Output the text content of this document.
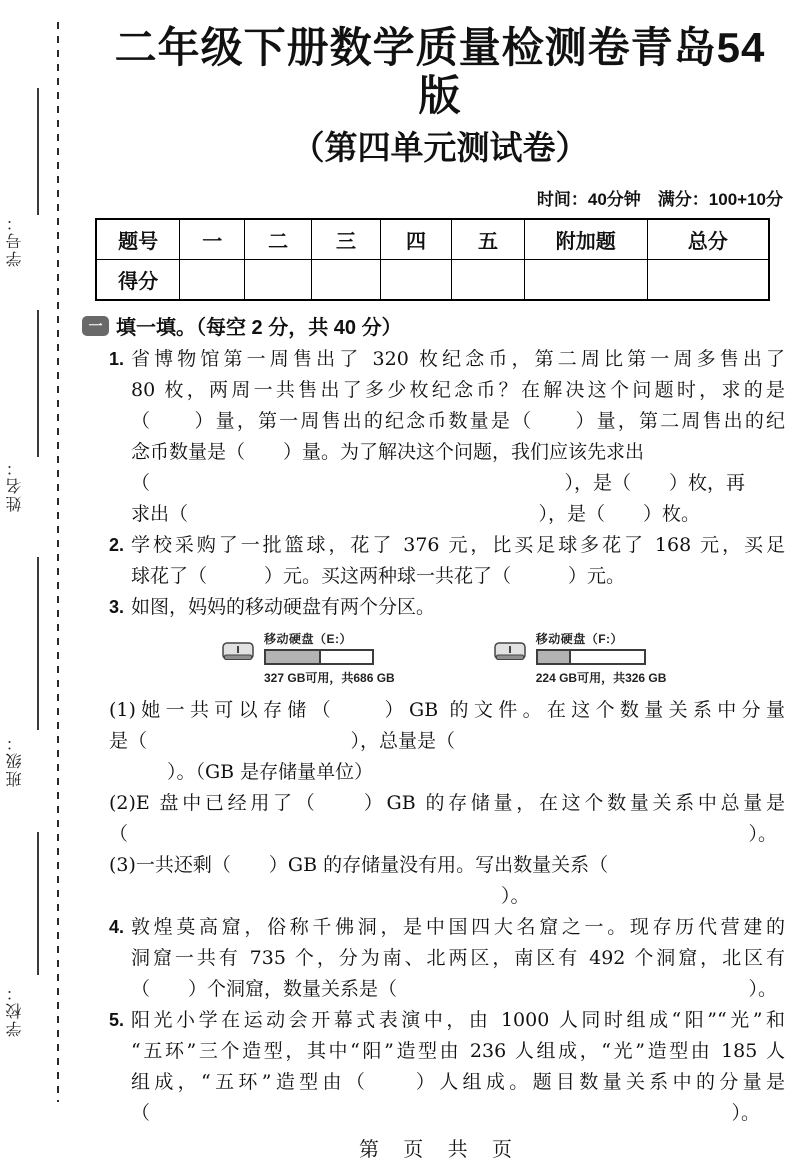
学号：
姓名：
班级：
学校：
二年级下册数学质量检测卷青岛54版
（第四单元测试卷）
时间：40分钟　满分：100+10分
题号	一	二	三	四	五	附加题	总分
得分							
一 填一填。（每空 2 分，共 40 分）
1. 省博物馆第一周售出了 320 枚纪念币，第二周比第一周多售出了
80 枚，两周一共售出了多少枚纪念币？在解决这个问题时，求的是
（　　）量，第一周售出的纪念币数量是（　　）量，第二周售出的纪
念币数量是（　　）量。为了解决这个问题，我们应该先求出
（	），是（　　）枚，再
求出（	），是（　　）枚。
2. 学校采购了一批篮球，花了 376 元，比买足球多花了 168 元，买足
球花了（　　　）元。买这两种球一共花了（　　　）元。
3. 如图，妈妈的移动硬盘有两个分区。
移动硬盘（E:）
327 GB可用，共686 GB
移动硬盘（F:）
224 GB可用，共326 GB
(1)她一共可以存储（　　）GB 的文件。在这个数量关系中分量
是（	），总量是（
　　）。（GB 是存储量单位）
(2)E 盘中已经用了（　　）GB 的存储量，在这个数量关系中总量是
（	）。
(3)一共还剩（　　）GB 的存储量没有用。写出数量关系（
）。
4. 敦煌莫高窟，俗称千佛洞，是中国四大名窟之一。现存历代营建的
洞窟一共有 735 个，分为南、北两区，南区有 492 个洞窟，北区有
（　　）个洞窟，数量关系是（	）。
5. 阳光小学在运动会开幕式表演中，由 1000 人同时组成“阳”“光”和
“五环”三个造型，其中“阳”造型由 236 人组成，“光”造型由 185 人
组成，“五环”造型由（　　）人组成。题目数量关系中的分量是
（	）。
第 页 共 页
